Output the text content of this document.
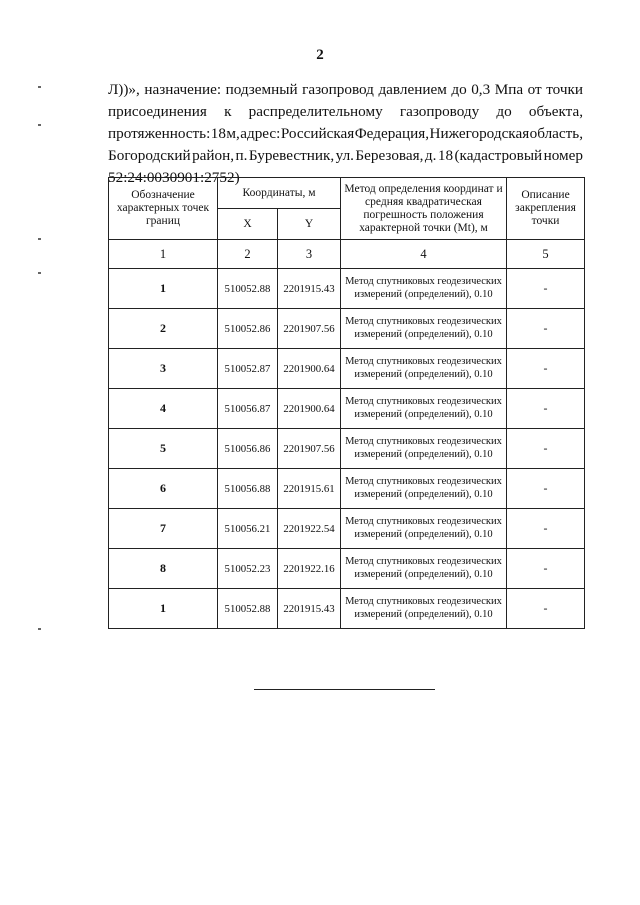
2
Л))», назначение: подземный газопровод давлением до 0,3 Мпа от точки
присоединения к распределительному газопроводу до объекта,
протяженность: 18 м, адрес: Российская Федерация, Нижегородская область,
Богородский район, п. Буревестник, ул. Березовая, д. 18 (кадастровый номер
52:24:0030901:2752)
Обозначение характерных точек границ	Координаты, м		Метод определения координат и средняя квадратическая погрешность положения характерной точки (Mt), м	Описание закрепления точки
	X	Y		
1	2	3	4	5
1	510052.88	2201915.43	Метод спутниковых геодезических измерений (определений), 0.10	-
2	510052.86	2201907.56	Метод спутниковых геодезических измерений (определений), 0.10	-
3	510052.87	2201900.64	Метод спутниковых геодезических измерений (определений), 0.10	-
4	510056.87	2201900.64	Метод спутниковых геодезических измерений (определений), 0.10	-
5	510056.86	2201907.56	Метод спутниковых геодезических измерений (определений), 0.10	-
6	510056.88	2201915.61	Метод спутниковых геодезических измерений (определений), 0.10	-
7	510056.21	2201922.54	Метод спутниковых геодезических измерений (определений), 0.10	-
8	510052.23	2201922.16	Метод спутниковых геодезических измерений (определений), 0.10	-
1	510052.88	2201915.43	Метод спутниковых геодезических измерений (определений), 0.10	-
